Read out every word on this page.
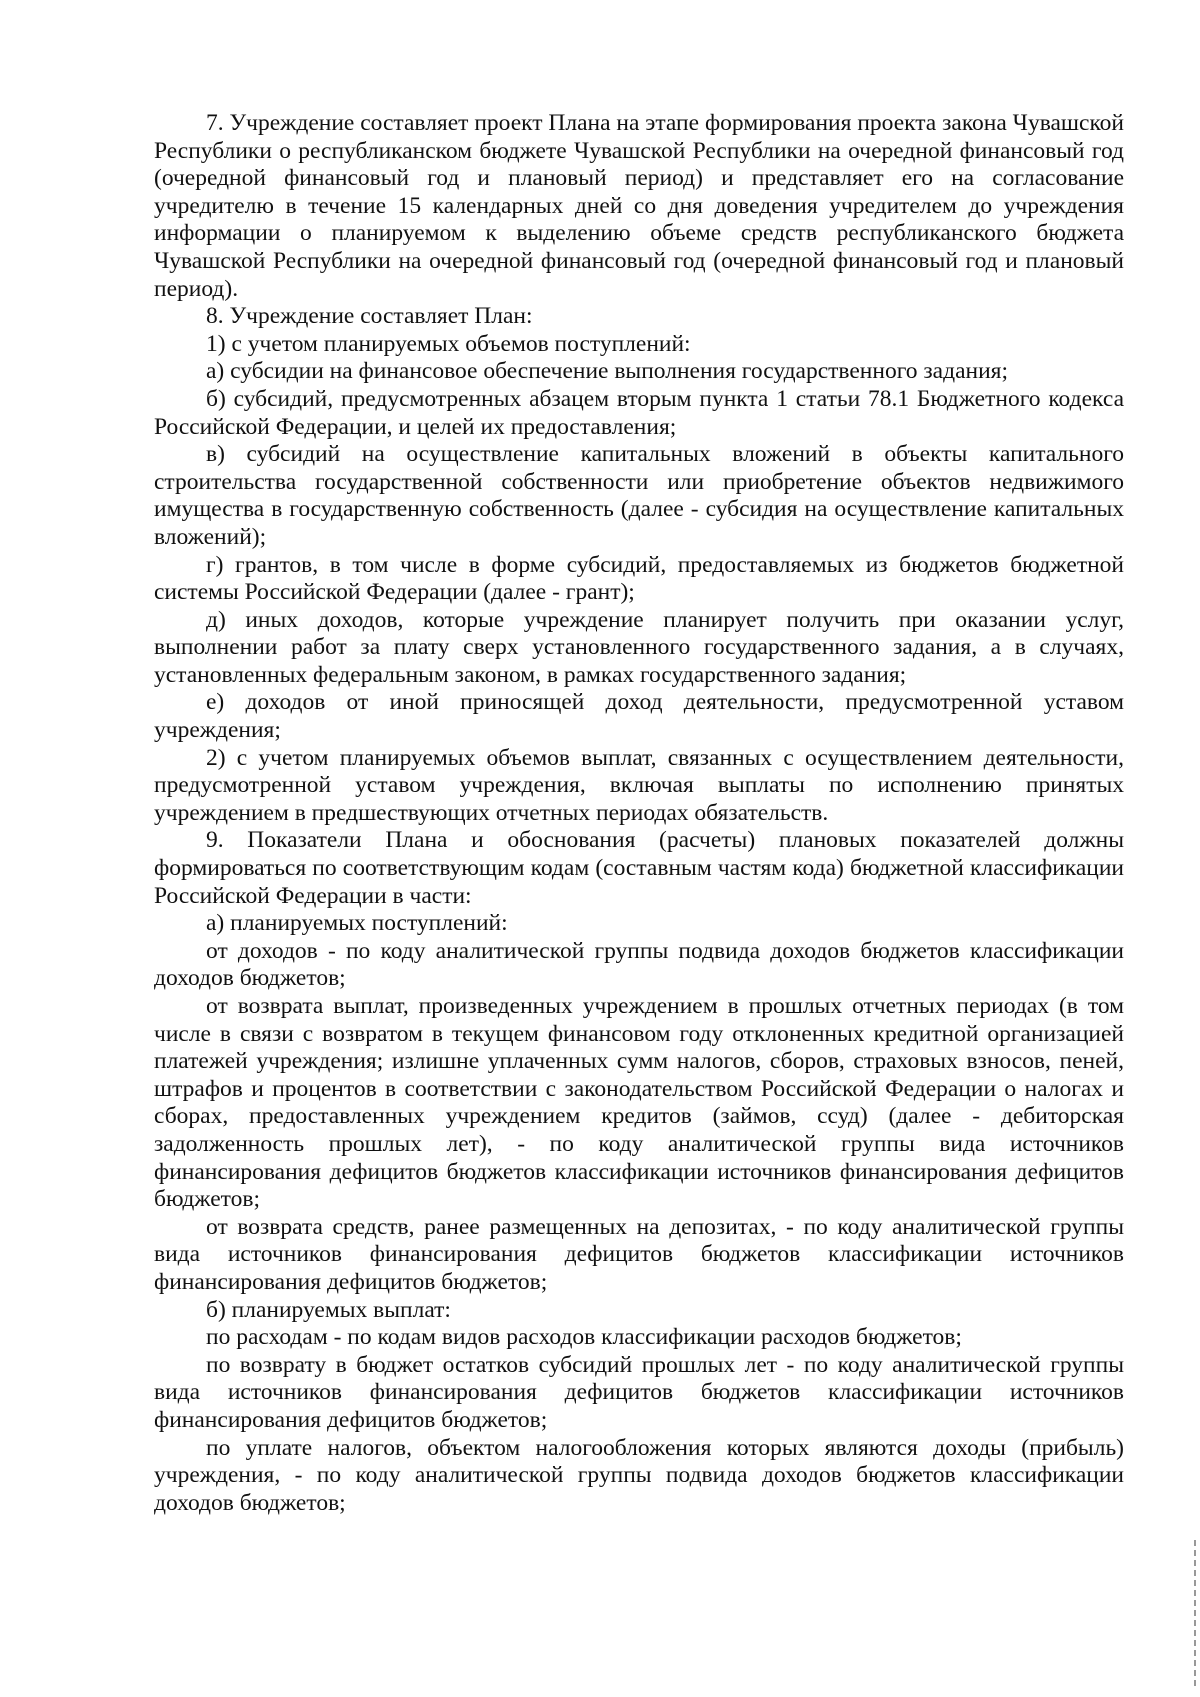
7. Учреждение составляет проект Плана на этапе формирования проекта закона Чувашской Республики о республиканском бюджете Чувашской Республики на очередной финансовый год (очередной финансовый год и плановый период) и представляет его на согласование учредителю в течение 15 календарных дней со дня доведения учредителем до учреждения информации о планируемом к выделению объеме средств республиканского бюджета Чувашской Республики на очередной финансовый год (очередной финансовый год и плановый период).

8. Учреждение составляет План:

1) с учетом планируемых объемов поступлений:

а) субсидии на финансовое обеспечение выполнения государственного задания;

б) субсидий, предусмотренных абзацем вторым пункта 1 статьи 78.1 Бюджетного кодекса Российской Федерации, и целей их предоставления;

в) субсидий на осуществление капитальных вложений в объекты капитального строительства государственной собственности или приобретение объектов недвижимого имущества в государственную собственность (далее - субсидия на осуществление капитальных вложений);

г) грантов, в том числе в форме субсидий, предоставляемых из бюджетов бюджетной системы Российской Федерации (далее - грант);

д) иных доходов, которые учреждение планирует получить при оказании услуг, выполнении работ за плату сверх установленного государственного задания, а в случаях, установленных федеральным законом, в рамках государственного задания;

е) доходов от иной приносящей доход деятельности, предусмотренной уставом учреждения;

2) с учетом планируемых объемов выплат, связанных с осуществлением деятельности, предусмотренной уставом учреждения, включая выплаты по исполнению принятых учреждением в предшествующих отчетных периодах обязательств.

9. Показатели Плана и обоснования (расчеты) плановых показателей должны формироваться по соответствующим кодам (составным частям кода) бюджетной классификации Российской Федерации в части:

а) планируемых поступлений:

от доходов - по коду аналитической группы подвида доходов бюджетов классификации доходов бюджетов;

от возврата выплат, произведенных учреждением в прошлых отчетных периодах (в том числе в связи с возвратом в текущем финансовом году отклоненных кредитной организацией платежей учреждения; излишне уплаченных сумм налогов, сборов, страховых взносов, пеней, штрафов и процентов в соответствии с законодательством Российской Федерации о налогах и сборах, предоставленных учреждением кредитов (займов, ссуд) (далее - дебиторская задолженность прошлых лет), - по коду аналитической группы вида источников финансирования дефицитов бюджетов классификации источников финансирования дефицитов бюджетов;

от возврата средств, ранее размещенных на депозитах, - по коду аналитической группы вида источников финансирования дефицитов бюджетов классификации источников финансирования дефицитов бюджетов;

б) планируемых выплат:

по расходам - по кодам видов расходов классификации расходов бюджетов;

по возврату в бюджет остатков субсидий прошлых лет - по коду аналитической группы вида источников финансирования дефицитов бюджетов классификации источников финансирования дефицитов бюджетов;

по уплате налогов, объектом налогообложения которых являются доходы (прибыль) учреждения, - по коду аналитической группы подвида доходов бюджетов классификации доходов бюджетов;
